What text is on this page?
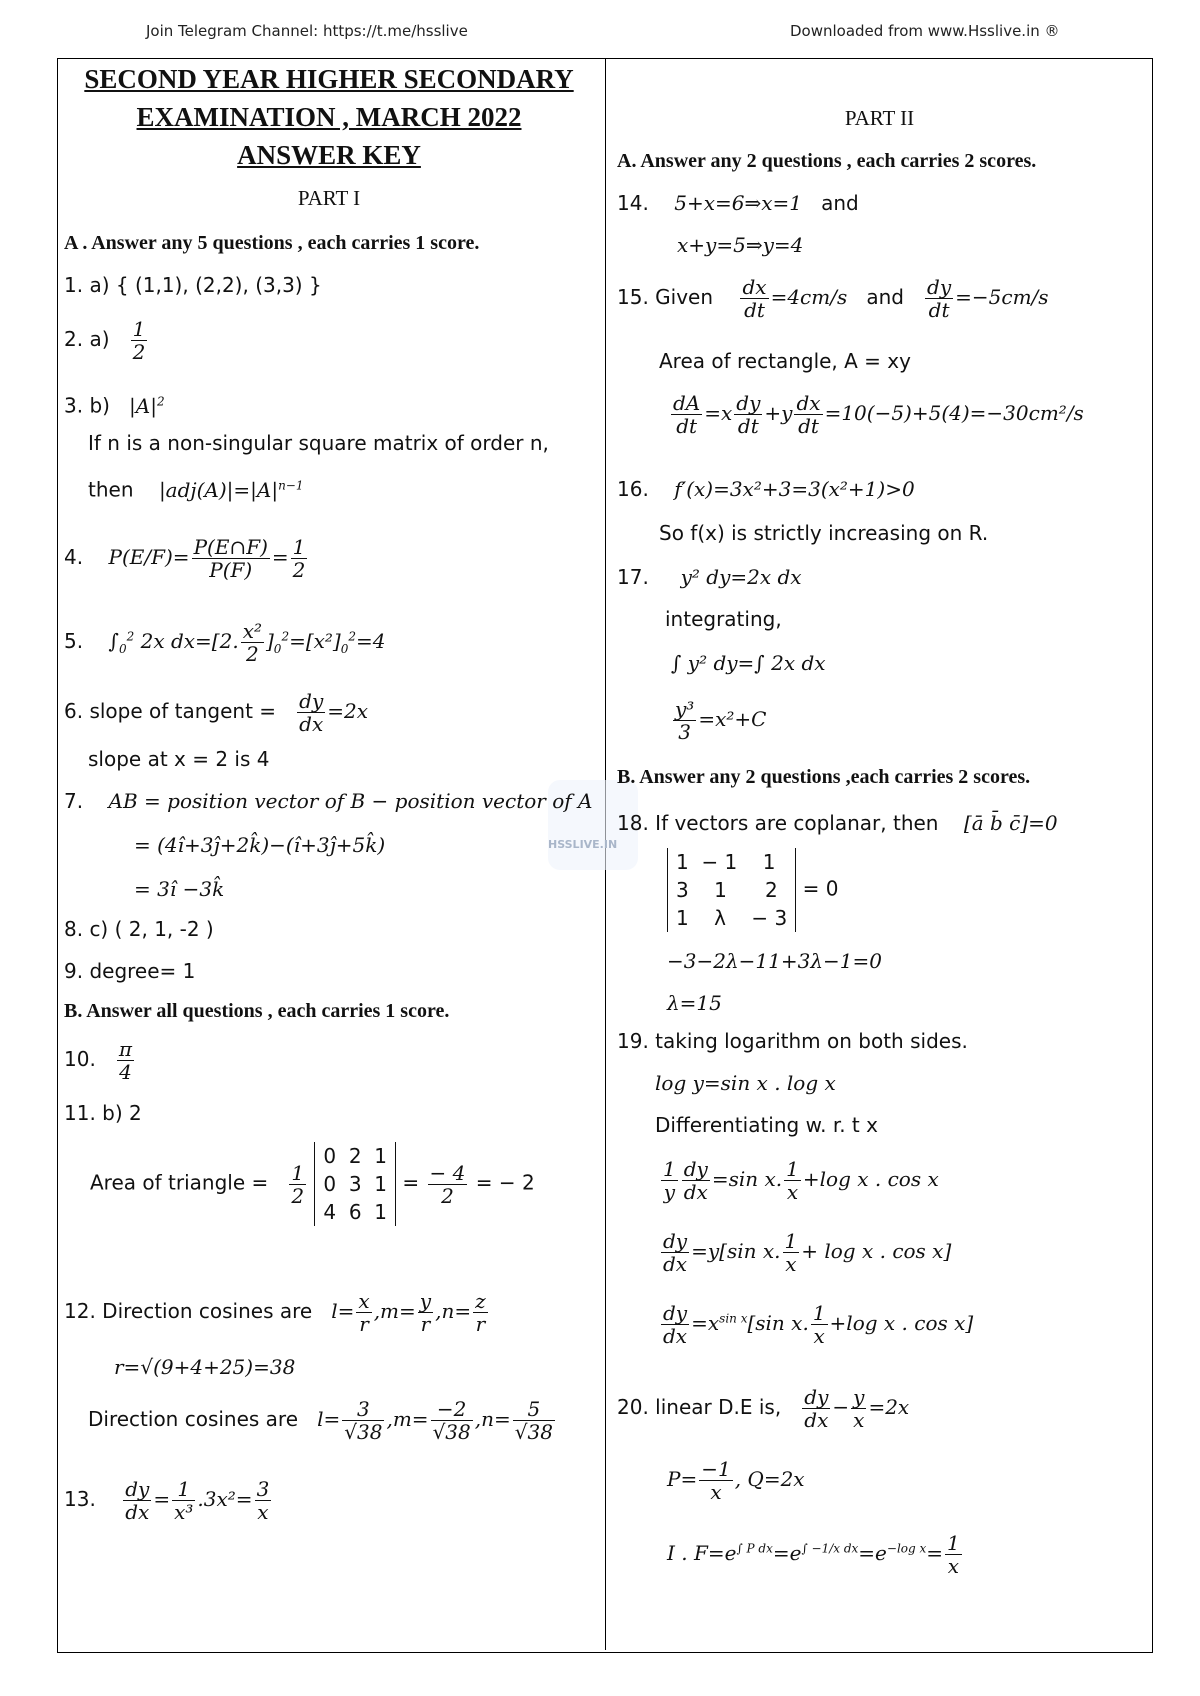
Join Telegram Channel: https://t.me/hsslive	Downloaded from www.Hsslive.in ®
HSSLIVE.IN
SECOND YEAR HIGHER SECONDARY
EXAMINATION , MARCH 2022
ANSWER KEY
PART I
A . Answer any 5 questions , each carries 1 score.
1. a) { (1,1), (2,2), (3,3) }
2. $a) \frac{1}{2}$
3. b) $|A|^2$
If n is a non-singular square matrix of order n,
then $|adj(A)|=|A|^{n-1}$
4. $P(E/F)= \frac{P(E\cap F)}{P(F)} = \frac{1}{2}$
5. $\int_0^2$ 2x dx=[2. $\frac{\text{x²}}{2} ]_0^2=[x^2]_0^2=4$
6. slope of tangent = $\frac{dy}{dx} =2x$
slope at x = 2 is 4
7. AB = position vector of B − position vector of A
= (4î+3ĵ+2k̂)−(î+3ĵ+5k̂)
= 3î −3k̂
8. c) ( 2, 1, -2 )
9. degree= 1
B. Answer all questions , each carries 1 score.
10. $\frac{\pi}{4}$
11. b) 2
Area of triangle = $\frac{1}{2}$

0  2  1
0  3  1
4  6  1
= $\frac{- 4}{2}$ = − 2
12. Direction cosines are $l= \frac{x}{r} ,m= \frac{y}{r} ,n= \frac{z}{r}$
r=√(9+4+25)=38
Direction cosines are $l= \frac{3}{√38} ,m= \frac{-2}{√38} ,n= \frac{5}{√38}$
13. $\frac{dy}{dx} = \frac{1}{\text{x³}} .3x^2= \frac{3}{x}$
PART II
A. Answer any 2 questions , each carries 2 scores.
14. 5+x=6⇒x=1 and
x+y=5⇒y=4
15. Given $\frac{dx}{dt} =4cm/s$ and $\frac{dy}{dt} =-5cm/s$
Area of rectangle, A = xy
$\frac{dA}{dt} =x \frac{dy}{dt} +y \frac{dx}{dt} =10(-5)+5(4)=-30cm^2/s$
16. f′(x)=3x²+3=3(x²+1)>0
So f(x) is strictly increasing on R.
17. y² dy=2x dx
integrating,
∫ y² dy=∫ 2x dx
$\frac{\text{y³}}{3} =x^2+C$
B. Answer any 2 questions ,each carries 2 scores.
18. If vectors are coplanar, then [ā b̄ c̄]=0
1  − 1    1
3    1      2
1    λ    − 3
= 0
−3−2λ−11+3λ−1=0
λ=15
19. taking logarithm on both sides.
log y=sin x . log x
Differentiating w. r. t x
$\frac{1}{y} \frac{dy}{dx} =\sin$ x. $\frac{1}{x} +\log$ x . cos x
$\frac{dy}{dx} =y[\sin$ x. $\frac{1}{x} + \log x$ . cos x]
$\frac{dy}{dx} =x^{sin x}[\sin$ x. $\frac{1}{x} +\log$ x . cos x]
20. linear D.E is, $\frac{dy}{dx} - \frac{y}{x} =2x$
$P= \frac{-1}{x}$ , Q=2x
I . $F=e^{\int P dx}=e^{\int -1/x dx}=e^{-log x}= \frac{1}{x}$
